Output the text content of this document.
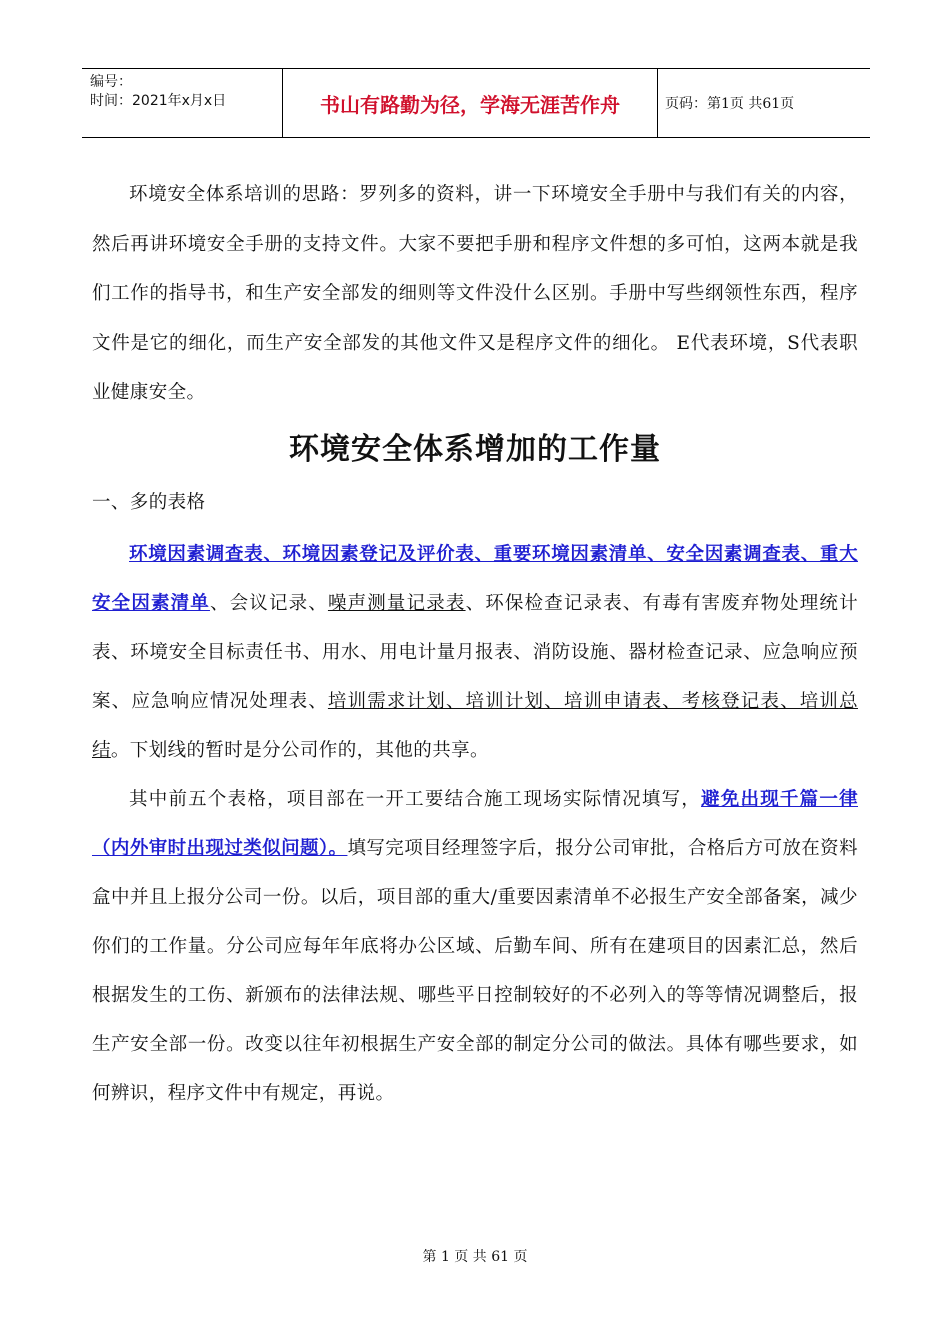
编号：
时间：2021年x月x日	书山有路勤为径，学海无涯苦作舟	页码：第1页 共61页

环境安全体系培训的思路：罗列多的资料，讲一下环境安全手册中与我们有关的内容，然后再讲环境安全手册的支持文件。大家不要把手册和程序文件想的多可怕，这两本就是我们工作的指导书，和生产安全部发的细则等文件没什么区别。手册中写些纲领性东西，程序文件是它的细化，而生产安全部发的其他文件又是程序文件的细化。 E代表环境，S代表职业健康安全。

环境安全体系增加的工作量

一、多的表格

环境因素调查表、环境因素登记及评价表、重要环境因素清单、安全因素调查表、重大安全因素清单、会议记录、噪声测量记录表、环保检查记录表、有毒有害废弃物处理统计表、环境安全目标责任书、用水、用电计量月报表、消防设施、器材检查记录、应急响应预案、应急响应情况处理表、培训需求计划、培训计划、培训申请表、考核登记表、培训总结。下划线的暂时是分公司作的，其他的共享。

其中前五个表格，项目部在一开工要结合施工现场实际情况填写，避免出现千篇一律（内外审时出现过类似问题）。填写完项目经理签字后，报分公司审批，合格后方可放在资料盒中并且上报分公司一份。以后，项目部的重大/重要因素清单不必报生产安全部备案，减少你们的工作量。分公司应每年年底将办公区域、后勤车间、所有在建项目的因素汇总，然后根据发生的工伤、新颁布的法律法规、哪些平日控制较好的不必列入的等等情况调整后，报生产安全部一份。改变以往年初根据生产安全部的制定分公司的做法。具体有哪些要求，如何辨识，程序文件中有规定，再说。

第 1 页 共 61 页
